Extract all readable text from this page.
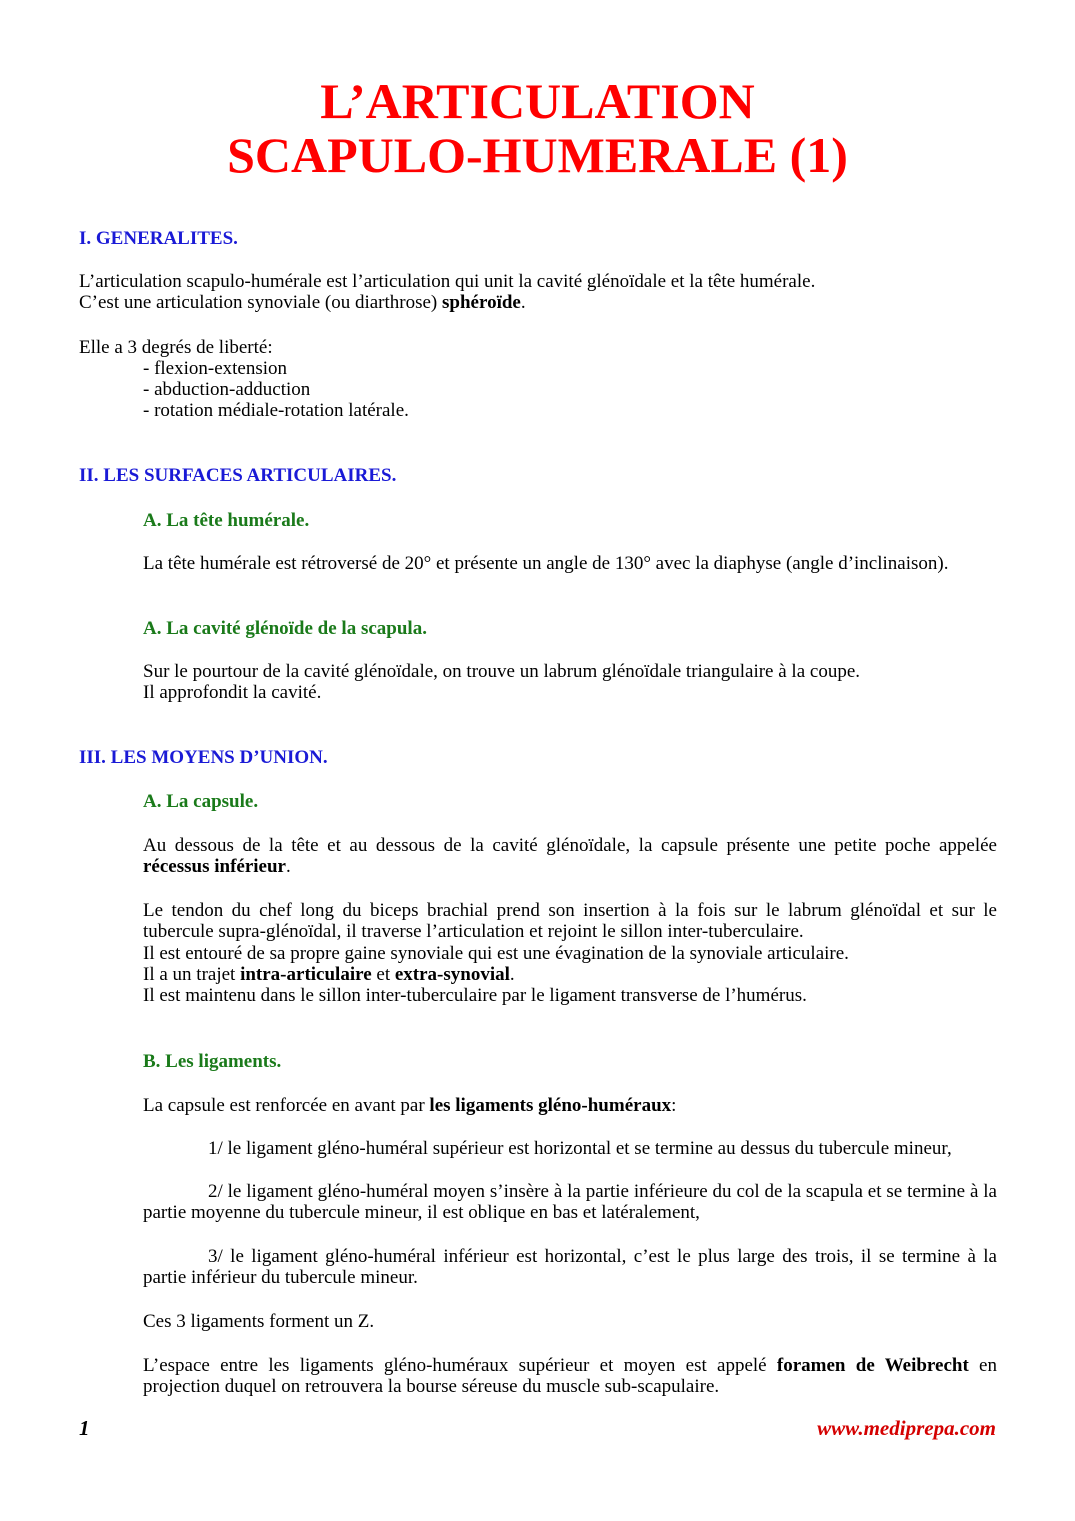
L’ARTICULATION
SCAPULO-HUMERALE (1)

I. GENERALITES.

L’articulation scapulo-humérale est l’articulation qui unit la cavité glénoïdale et la tête humérale.
C’est une articulation synoviale (ou diarthrose) sphéroïde.

Elle a 3 degrés de liberté:

- flexion-extension
- abduction-adduction
- rotation médiale-rotation latérale.

II. LES SURFACES ARTICULAIRES.

A. La tête humérale.

La tête humérale est rétroversé de 20° et présente un angle de 130° avec la diaphyse (angle d’inclinaison).

A. La cavité glénoïde de la scapula.

Sur le pourtour de la cavité glénoïdale, on trouve un labrum glénoïdale triangulaire à la coupe.
Il approfondit la cavité.

III. LES MOYENS D’UNION.

A. La capsule.

Au dessous de la tête et au dessous de la cavité glénoïdale, la capsule présente une petite poche appelée récessus inférieur.

Le tendon du chef long du biceps brachial prend son insertion à la fois sur le labrum glénoïdal et sur le tubercule supra-glénoïdal, il traverse l’articulation et rejoint le sillon inter-tuberculaire.

Il est entouré de sa propre gaine synoviale qui est une évagination de la synoviale articulaire.
Il a un trajet intra-articulaire et extra-synovial.
Il est maintenu dans le sillon inter-tuberculaire par le ligament transverse de l’humérus.

B. Les ligaments.

La capsule est renforcée en avant par les ligaments gléno-huméraux:

1/ le ligament gléno-huméral supérieur est horizontal et se termine au dessus du tubercule mineur,

2/ le ligament gléno-huméral moyen s’insère à la partie inférieure du col de la scapula et se termine à la partie moyenne du tubercule mineur, il est oblique en bas et latéralement,

3/ le ligament gléno-huméral inférieur est horizontal, c’est le plus large des trois, il se termine à la partie inférieur du tubercule mineur.

Ces 3 ligaments forment un Z.

L’espace entre les ligaments gléno-huméraux supérieur et moyen est appelé foramen de Weibrecht en projection duquel on retrouvera la bourse séreuse du muscle sub-scapulaire.

1	www.mediprepa.com
